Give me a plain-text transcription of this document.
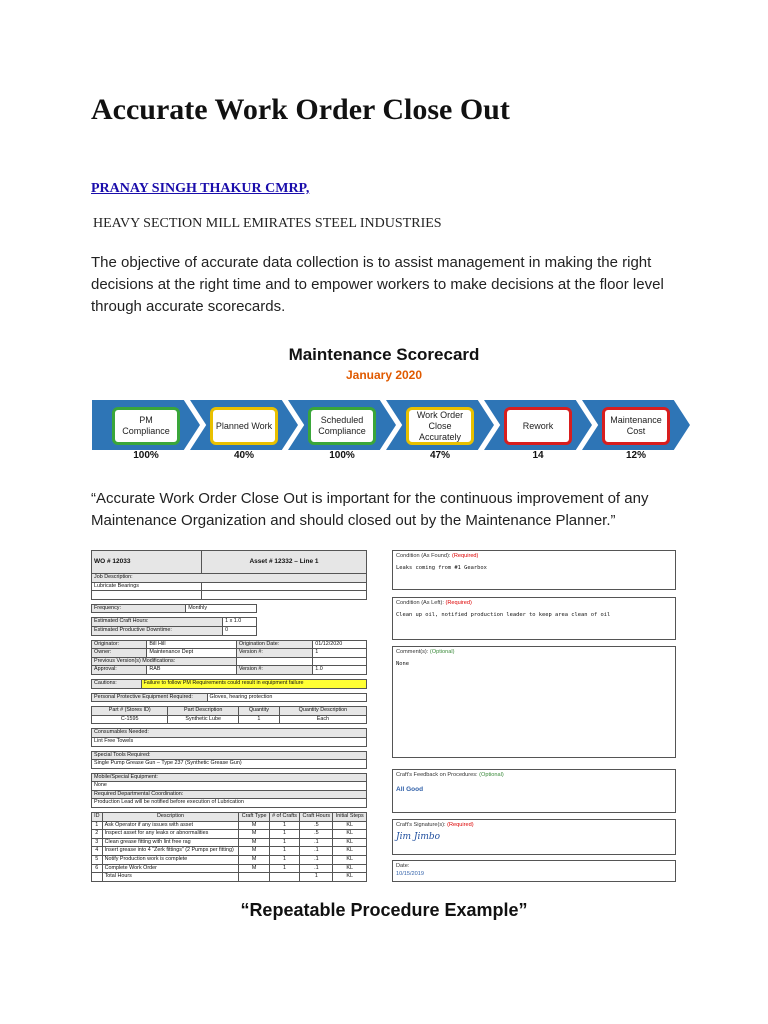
Accurate Work Order Close Out
PRANAY SINGH THAKUR CMRP,
HEAVY SECTION MILL EMIRATES STEEL INDUSTRIES

The objective of accurate data collection is to assist management in making the right decisions at the right time and to empower workers to make decisions at the floor level through accurate scorecards.

Maintenance Scorecard
January 2020
PM Compliance
100%
Planned Work
40%
Scheduled Compliance
100%
Work Order Close Accurately
47%
Rework
14
Maintenance Cost
12%

“Accurate Work Order Close Out is important for the continuous improvement of any Maintenance Organization and should closed out by the Maintenance Planner.”

WO # 12033	Asset # 12332 – Line 1
Job Description:	
Lubricate Bearings	

Frequency:	Monthly
Estimated Craft Hours:	1 x 1.0
Estimated Productive Downtime:	0
Originator:	Bill Hill	Origination Date:	01/12/2020
Owner:	Maintenance Dept	Version #:	1
Previous Version(s) Modifications:			
Approval:	RAB	Version #:	1.0
Cautions:	Failure to follow PM Requirements could result in equipment failure
Personal Protective Equipment Required:	Gloves, hearing protection
Part # (Stores ID)	Part Description	Quantity	Quantity Description
C-1595	Synthetic Lube	1	Each
Consumables Needed:
Lint Free Towels
Special Tools Required:
Single Pump Grease Gun – Type 237 (Synthetic Grease Gun)
Mobile/Special Equipment:
None
Required Departmental Coordination:
Production Lead will be notified before execution of Lubrication
ID	Description	Craft Type	# of Crafts	Craft Hours	Initial Steps
1	Ask Operator if any issues with asset	M	1	.5	KL
2	Inspect asset for any leaks or abnormalities	M	1	.5	KL
3	Clean grease fitting with lint free rag	M	1	.1	KL
4	Insert grease into 4 “Zerk fittings” (2 Pumps per fitting)	M	1	.1	KL
5	Notify Production work is complete	M	1	.1	KL
6	Complete Work Order	M	1	.1	KL
	Total Hours			1	KL
Condition (As Found): (Required)
Leaks coming from #1 Gearbox
Condition (As Left): (Required)
Clean up oil, notified production leader to keep area clean of oil
Comment(s): (Optional)
None
Craft's Feedback on Procedures: (Optional)
All Good
Craft's Signature(s): (Required)
Jim Jimbo
Date:
10/15/2019
“Repeatable Procedure Example”
